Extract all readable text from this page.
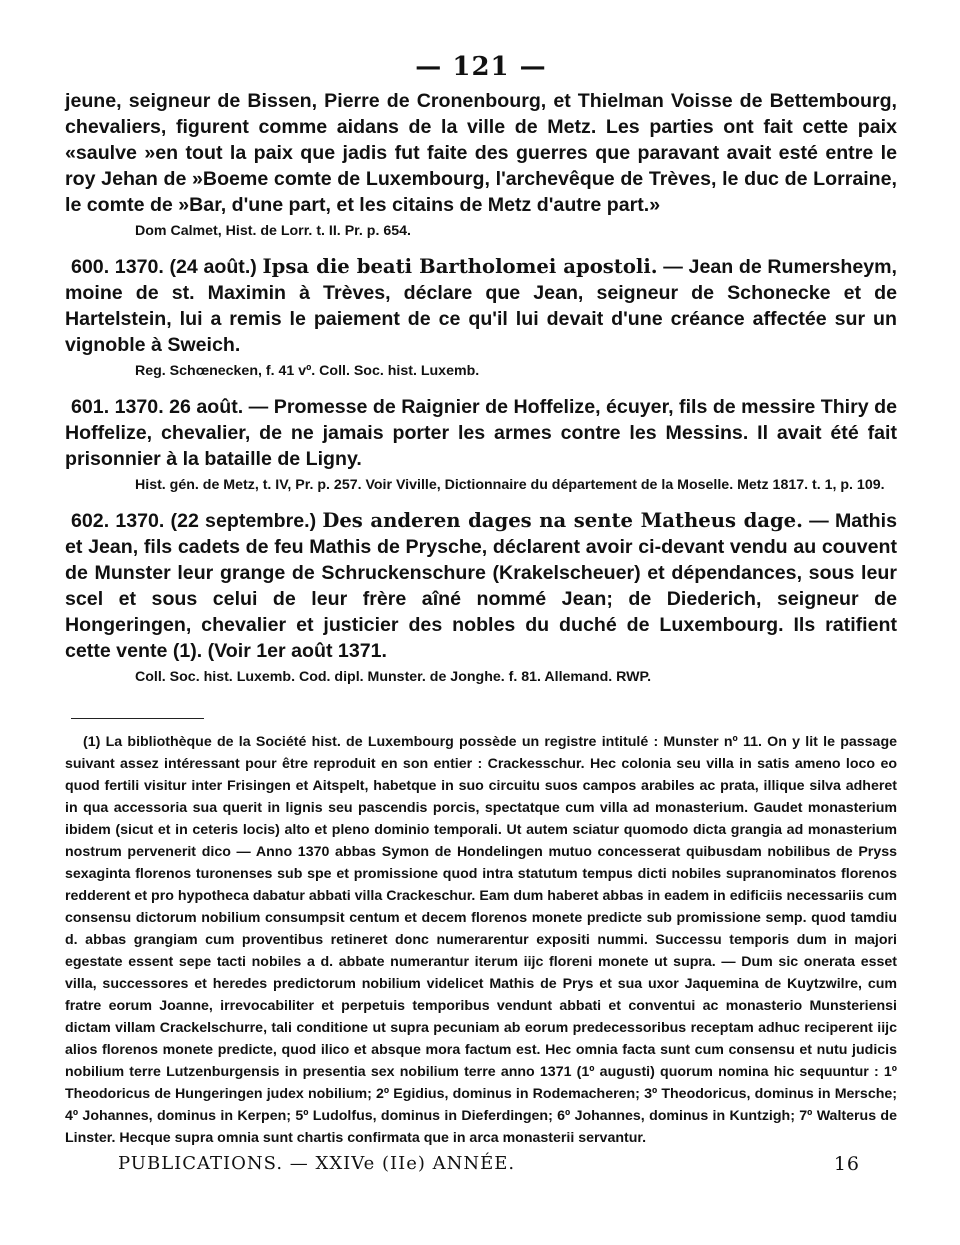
— 121 —

jeune, seigneur de Bissen, Pierre de Cronenbourg, et Thielman Voisse de Bettembourg, chevaliers, figurent comme aidans de la ville de Metz. Les parties ont fait cette paix «saulve »en tout la paix que jadis fut faite des guerres que paravant avait esté entre le roy Jehan de »Boeme comte de Luxembourg, l'archevêque de Trèves, le duc de Lorraine, le comte de »Bar, d'une part, et les citains de Metz d'autre part.»

Dom Calmet, Hist. de Lorr. t. II. Pr. p. 654.

600. 1370. (24 août.) Ipsa die beati Bartholomei apostoli. — Jean de Rumersheym, moine de st. Maximin à Trèves, déclare que Jean, seigneur de Schonecke et de Hartelstein, lui a remis le paiement de ce qu'il lui devait d'une créance affectée sur un vignoble à Sweich.

Reg. Schœnecken, f. 41 vº. Coll. Soc. hist. Luxemb.

601. 1370. 26 août. — Promesse de Raignier de Hoffelize, écuyer, fils de messire Thiry de Hoffelize, chevalier, de ne jamais porter les armes contre les Messins. Il avait été fait prisonnier à la bataille de Ligny.

Hist. gén. de Metz, t. IV, Pr. p. 257. Voir Viville, Dictionnaire du département de la Moselle. Metz 1817. t. 1, p. 109.

602. 1370. (22 septembre.) Des anderen dages na sente Matheus dage. — Mathis et Jean, fils cadets de feu Mathis de Prysche, déclarent avoir ci-devant vendu au couvent de Munster leur grange de Schruckenschure (Krakelscheuer) et dépendances, sous leur scel et sous celui de leur frère aîné nommé Jean; de Diederich, seigneur de Hongeringen, chevalier et justicier des nobles du duché de Luxembourg. Ils ratifient cette vente (1). (Voir 1er août 1371.

Coll. Soc. hist. Luxemb. Cod. dipl. Munster. de Jonghe. f. 81. Allemand. RWP.

(1) La bibliothèque de la Société hist. de Luxembourg possède un registre intitulé : Munster nº 11. On y lit le passage suivant assez intéressant pour être reproduit en son entier : Crackesschur. Hec colonia seu villa in satis ameno loco eo quod fertili visitur inter Frisingen et Aitspelt, habetque in suo circuitu suos campos arabiles ac prata, illique silva adheret in qua accessoria sua querit in lignis seu pascendis porcis, spectatque cum villa ad monasterium. Gaudet monasterium ibidem (sicut et in ceteris locis) alto et pleno dominio temporali. Ut autem sciatur quomodo dicta grangia ad monasterium nostrum pervenerit dico — Anno 1370 abbas Symon de Hondelingen mutuo concesserat quibusdam nobilibus de Pryss sexaginta florenos turonenses sub spe et promissione quod intra statutum tempus dicti nobiles supranominatos florenos redderent et pro hypotheca dabatur abbati villa Crackeschur. Eam dum haberet abbas in eadem in edificiis necessariis cum consensu dictorum nobilium consumpsit centum et decem florenos monete predicte sub promissione semp. quod tamdiu d. abbas grangiam cum proventibus retineret donc numerarentur expositi nummi. Successu temporis dum in majori egestate essent sepe tacti nobiles a d. abbate numerantur iterum iijc floreni monete ut supra. — Dum sic onerata esset villa, successores et heredes predictorum nobilium videlicet Mathis de Prys et sua uxor Jaquemina de Kuytzwilre, cum fratre eorum Joanne, irrevocabiliter et perpetuis temporibus vendunt abbati et conventui ac monasterio Munsteriensi dictam villam Crackelschurre, tali conditione ut supra pecuniam ab eorum predecessoribus receptam adhuc reciperent iijc alios florenos monete predicte, quod ilico et absque mora factum est. Hec omnia facta sunt cum consensu et nutu judicis nobilium terre Lutzenburgensis in presentia sex nobilium terre anno 1371 (1º augusti) quorum nomina hic sequuntur : 1º Theodoricus de Hungeringen judex nobilium; 2º Egidius, dominus in Rodemacheren; 3º Theodoricus, dominus in Mersche; 4º Johannes, dominus in Kerpen; 5º Ludolfus, dominus in Dieferdingen; 6º Johannes, dominus in Kuntzigh; 7º Walterus de Linster. Hecque supra omnia sunt chartis confirmata que in arca monasterii servantur.

PUBLICATIONS. — XXIVe (IIe) ANNÉE.	16
